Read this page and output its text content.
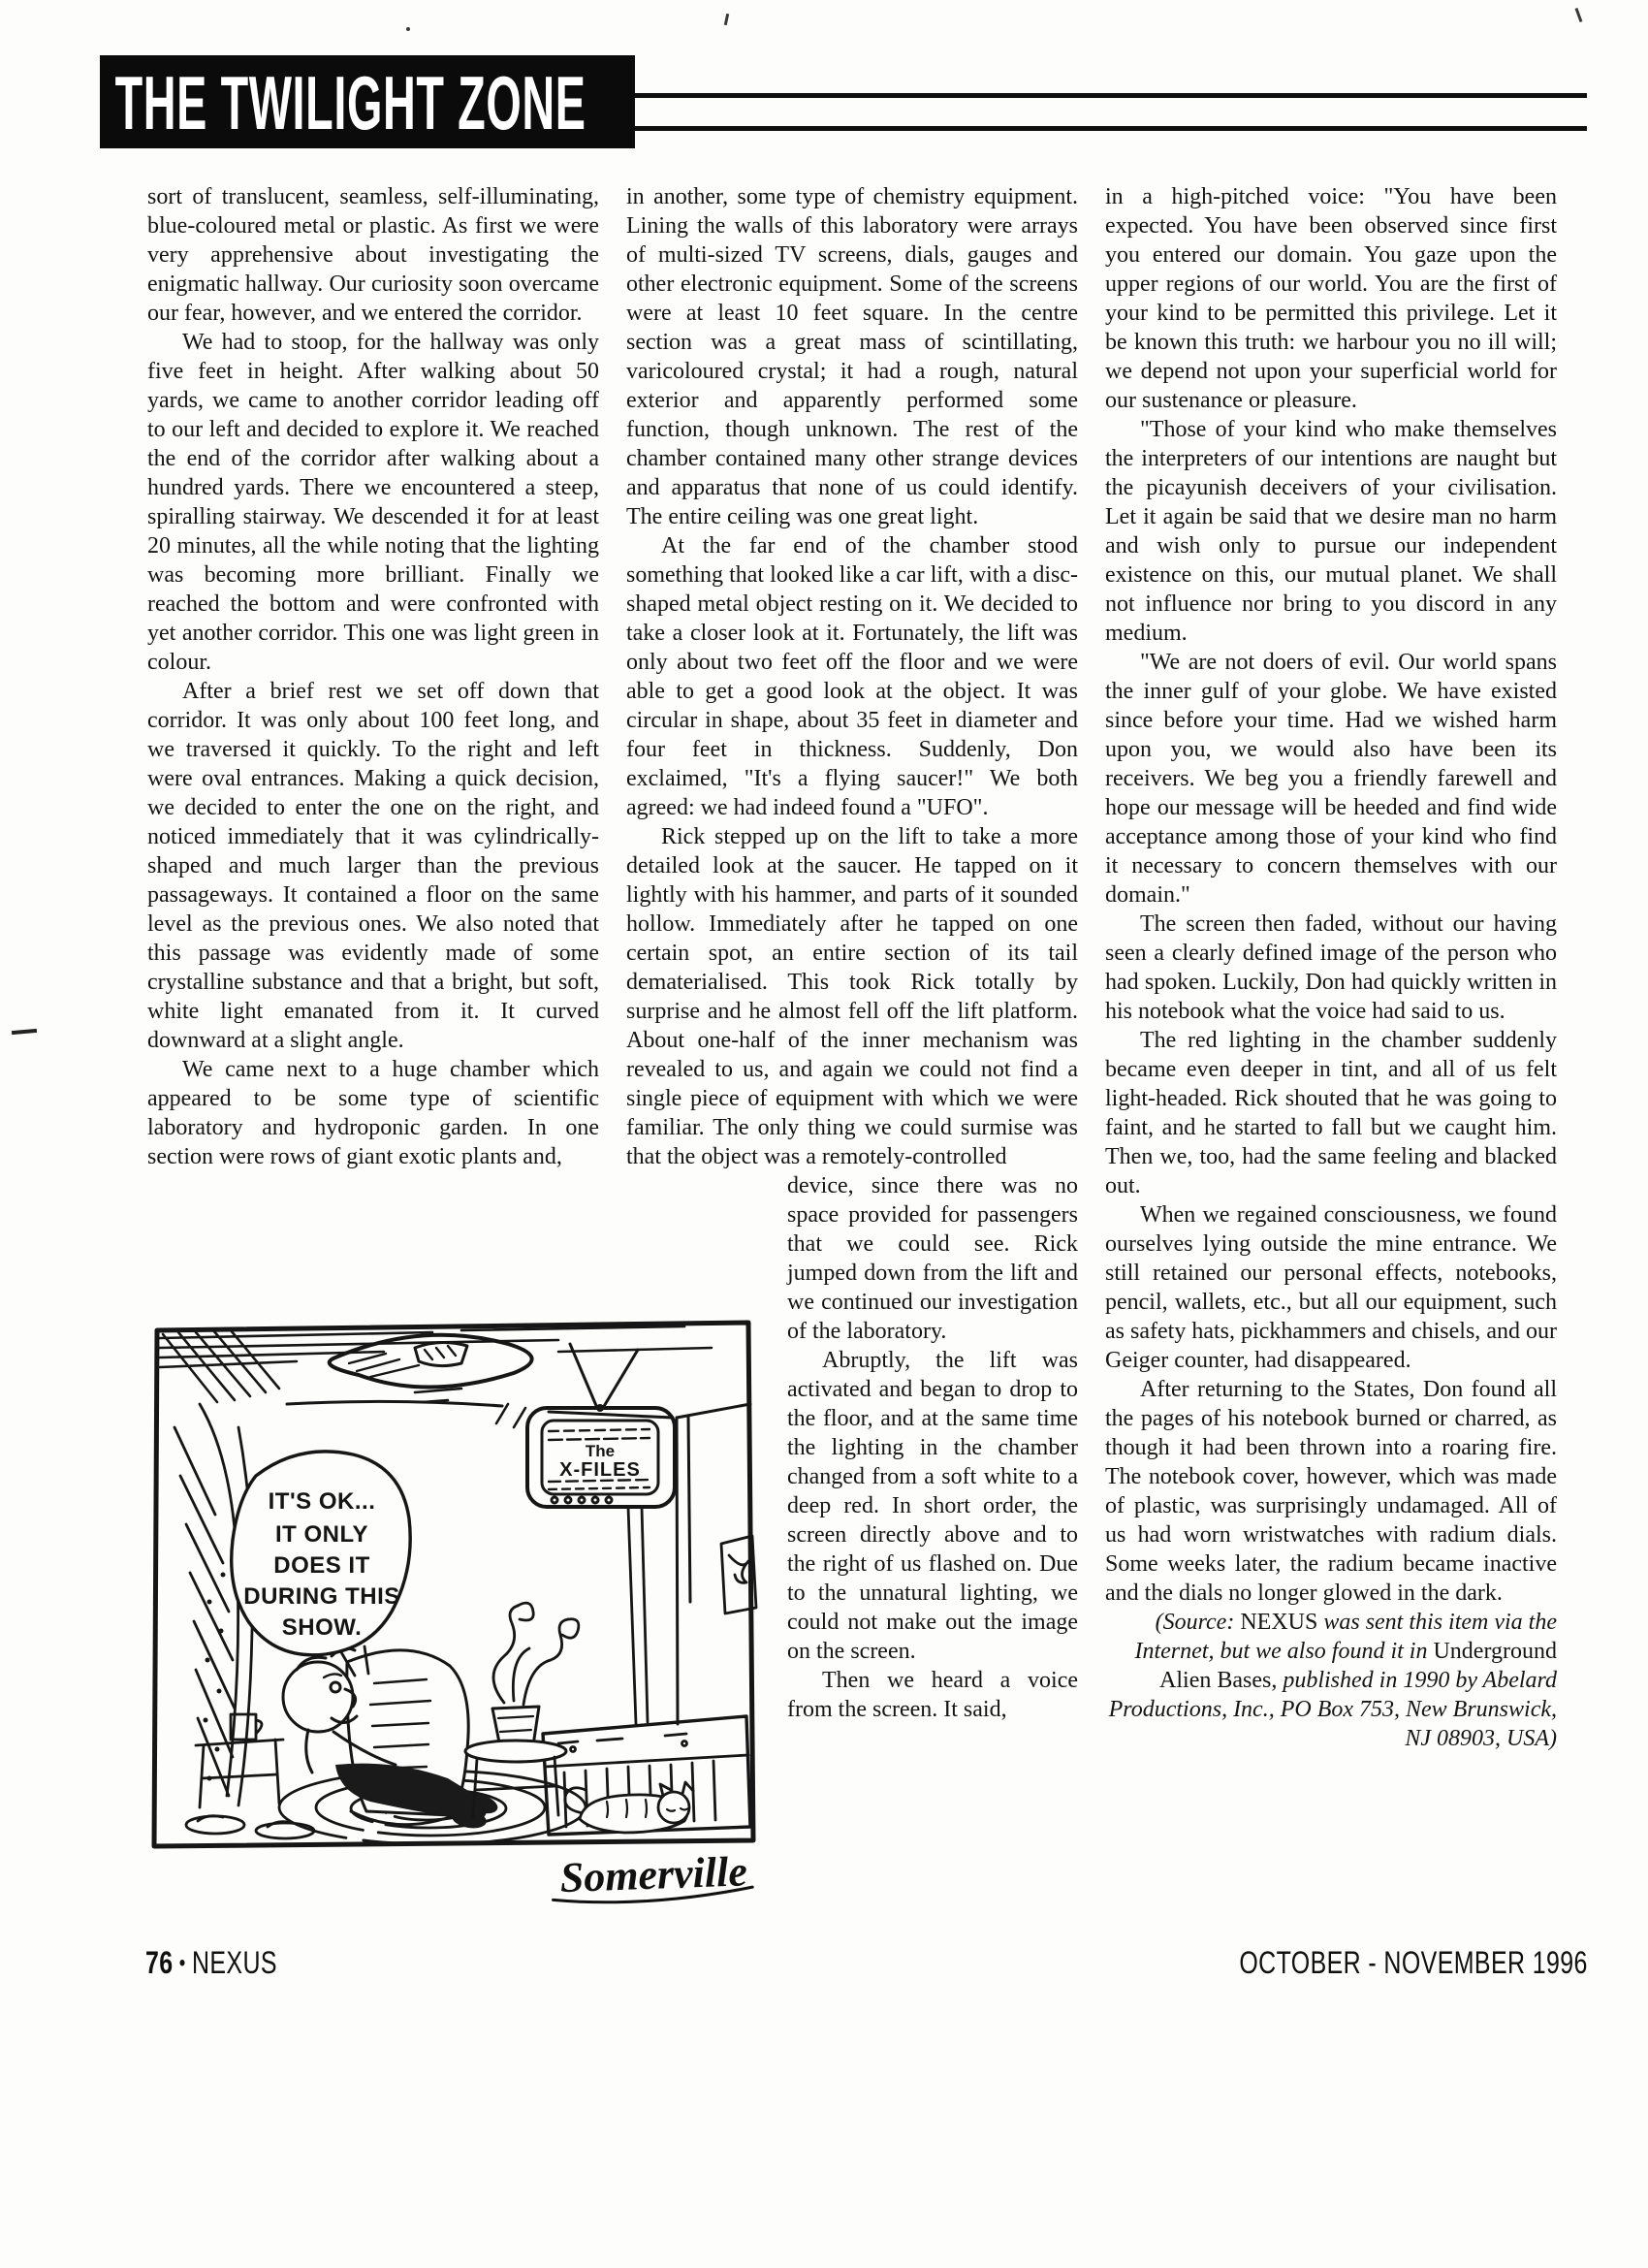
THE TWILIGHT ZONE

sort of translucent, seamless, self-illuminating, blue-coloured metal or plastic. As first we were very apprehensive about investigating the enigmatic hallway. Our curiosity soon overcame our fear, however, and we entered the corridor.

We had to stoop, for the hallway was only five feet in height. After walking about 50 yards, we came to another corridor leading off to our left and decided to explore it. We reached the end of the corridor after walking about a hundred yards. There we encountered a steep, spiralling stairway. We descended it for at least 20 minutes, all the while noting that the lighting was becoming more brilliant. Finally we reached the bottom and were confronted with yet another corridor. This one was light green in colour.

After a brief rest we set off down that corridor. It was only about 100 feet long, and we traversed it quickly. To the right and left were oval entrances. Making a quick decision, we decided to enter the one on the right, and noticed immediately that it was cylindrically-shaped and much larger than the previous passageways. It contained a floor on the same level as the previous ones. We also noted that this passage was evidently made of some crystalline substance and that a bright, but soft, white light emanated from it. It curved downward at a slight angle.

We came next to a huge chamber which appeared to be some type of scientific laboratory and hydroponic garden. In one section were rows of giant exotic plants and,

in another, some type of chemistry equipment. Lining the walls of this laboratory were arrays of multi-sized TV screens, dials, gauges and other electronic equipment. Some of the screens were at least 10 feet square. In the centre section was a great mass of scintillating, varicoloured crystal; it had a rough, natural exterior and apparently performed some function, though unknown. The rest of the chamber contained many other strange devices and apparatus that none of us could identify. The entire ceiling was one great light.

At the far end of the chamber stood something that looked like a car lift, with a disc-shaped metal object resting on it. We decided to take a closer look at it. Fortunately, the lift was only about two feet off the floor and we were able to get a good look at the object. It was circular in shape, about 35 feet in diameter and four feet in thickness. Suddenly, Don exclaimed, "It's a flying saucer!" We both agreed: we had indeed found a "UFO".

Rick stepped up on the lift to take a more detailed look at the saucer. He tapped on it lightly with his hammer, and parts of it sounded hollow. Immediately after he tapped on one certain spot, an entire section of its tail dematerialised. This took Rick totally by surprise and he almost fell off the lift platform. About one-half of the inner mechanism was revealed to us, and again we could not find a single piece of equipment with which we were familiar. The only thing we could surmise was that the object was a remotely-controlled

device, since there was no space provided for passengers that we could see. Rick jumped down from the lift and we continued our investigation of the laboratory.

Abruptly, the lift was activated and began to drop to the floor, and at the same time the lighting in the chamber changed from a soft white to a deep red. In short order, the screen directly above and to the right of us flashed on. Due to the unnatural lighting, we could not make out the image on the screen.

Then we heard a voice from the screen. It said,

in a high-pitched voice: "You have been expected. You have been observed since first you entered our domain. You gaze upon the upper regions of our world. You are the first of your kind to be permitted this privilege. Let it be known this truth: we harbour you no ill will; we depend not upon your superficial world for our sustenance or pleasure.

"Those of your kind who make themselves the interpreters of our intentions are naught but the picayunish deceivers of your civilisation. Let it again be said that we desire man no harm and wish only to pursue our independent existence on this, our mutual planet. We shall not influence nor bring to you discord in any medium.

"We are not doers of evil. Our world spans the inner gulf of your globe. We have existed since before your time. Had we wished harm upon you, we would also have been its receivers. We beg you a friendly farewell and hope our message will be heeded and find wide acceptance among those of your kind who find it necessary to concern themselves with our domain."

The screen then faded, without our having seen a clearly defined image of the person who had spoken. Luckily, Don had quickly written in his notebook what the voice had said to us.

The red lighting in the chamber suddenly became even deeper in tint, and all of us felt light-headed. Rick shouted that he was going to faint, and he started to fall but we caught him. Then we, too, had the same feeling and blacked out.

When we regained consciousness, we found ourselves lying outside the mine entrance. We still retained our personal effects, notebooks, pencil, wallets, etc., but all our equipment, such as safety hats, pickhammers and chisels, and our Geiger counter, had disappeared.

After returning to the States, Don found all the pages of his notebook burned or charred, as though it had been thrown into a roaring fire. The notebook cover, however, which was made of plastic, was surprisingly undamaged. All of us had worn wristwatches with radium dials. Some weeks later, the radium became inactive and the dials no longer glowed in the dark.

(Source: NEXUS was sent this item via the Internet, but we also found it in Underground Alien Bases, published in 1990 by Abelard Productions, Inc., PO Box 753, New Brunswick, NJ 08903, USA)

IT'S OK...
IT ONLY
DOES IT
DURING THIS
SHOW.
The
X-FILES
Somerville
76 • NEXUS	OCTOBER - NOVEMBER 1996
